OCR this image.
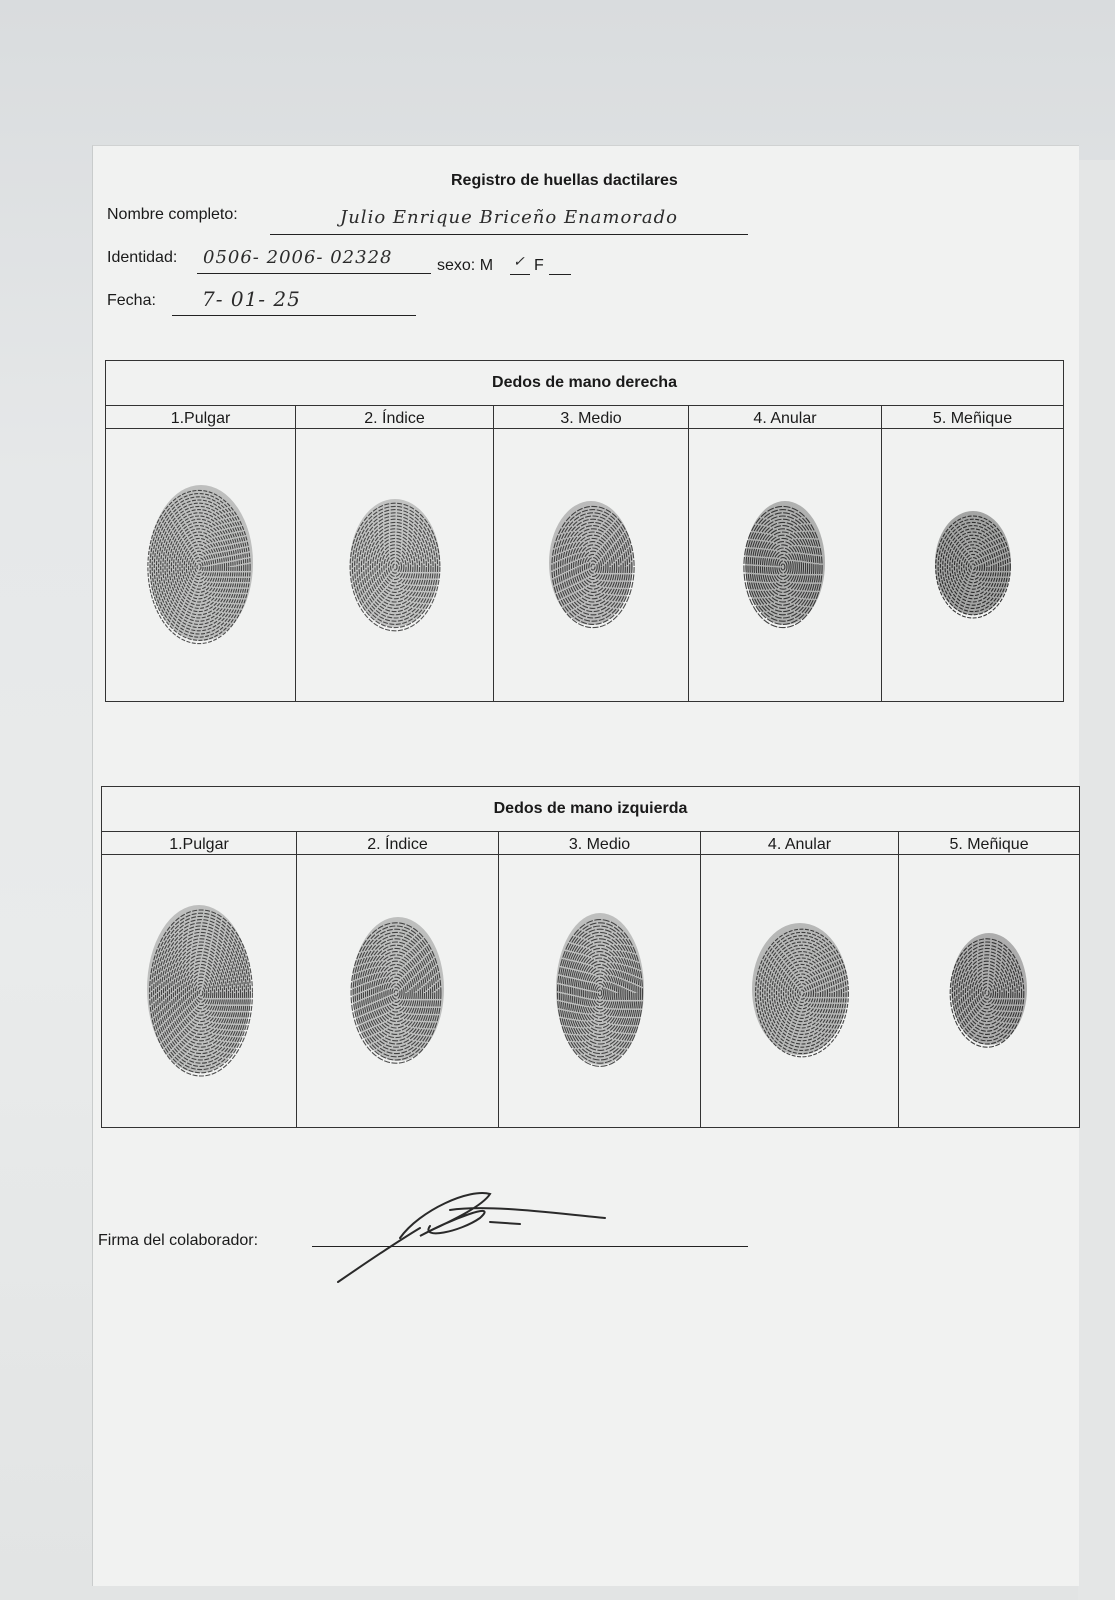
Registro de huellas dactilares
Nombre completo:	Julio Enrique Briceño Enamorado
Identidad: 0506- 2006- 02328	sexo: M ✓ F
Fecha: 7- 01- 25
Dedos de mano derecha				
1.Pulgar	2. Índice	3. Medio	4. Anular	5. Meñique

Dedos de mano izquierda				
1.Pulgar	2. Índice	3. Medio	4. Anular	5. Meñique

Firma del colaborador:
